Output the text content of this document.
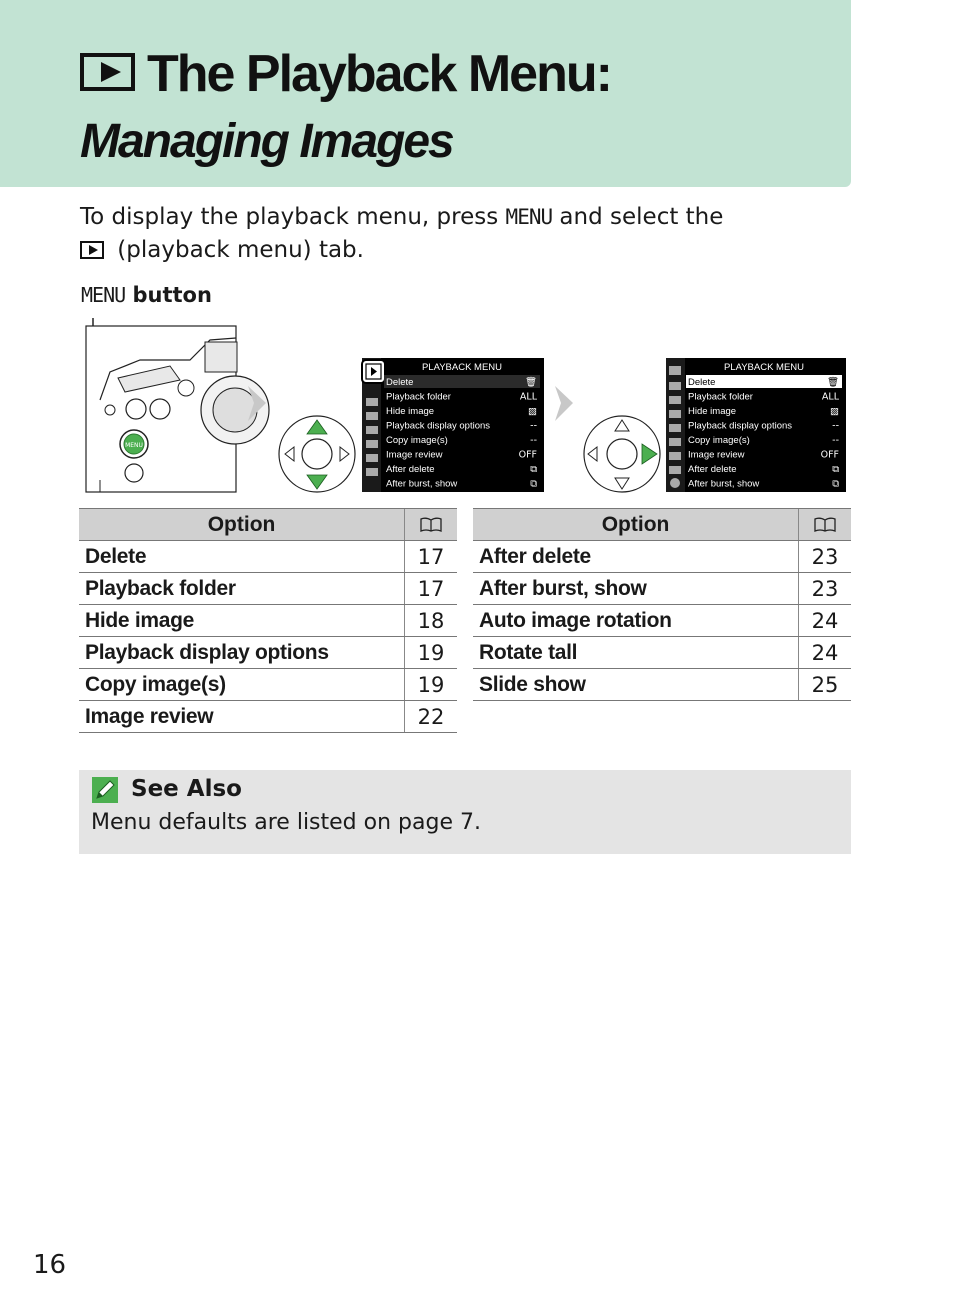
The Playback Menu:
Managing Images

To display the playback menu, press MENU and select the

(playback menu) tab.

MENU button
MENU
PLAYBACK MENU	PLAYBACK MENU
Delete	🗑
Playback folder	ALL
Hide image	▧
Playback display options	--
Copy image(s)	--
Image review	OFF
After delete	⧉
After burst, show	⧉
Delete	🗑
Playback folder	ALL
Hide image	▧
Playback display options	--
Copy image(s)	--
Image review	OFF
After delete	⧉
After burst, show	⧉
Option	
Delete	17
Playback folder	17
Hide image	18
Playback display options	19
Copy image(s)	19
Image review	22
Option	
After delete	23
After burst, show	23
Auto image rotation	24
Rotate tall	24
Slide show	25
See Also
Menu defaults are listed on page 7.
16
